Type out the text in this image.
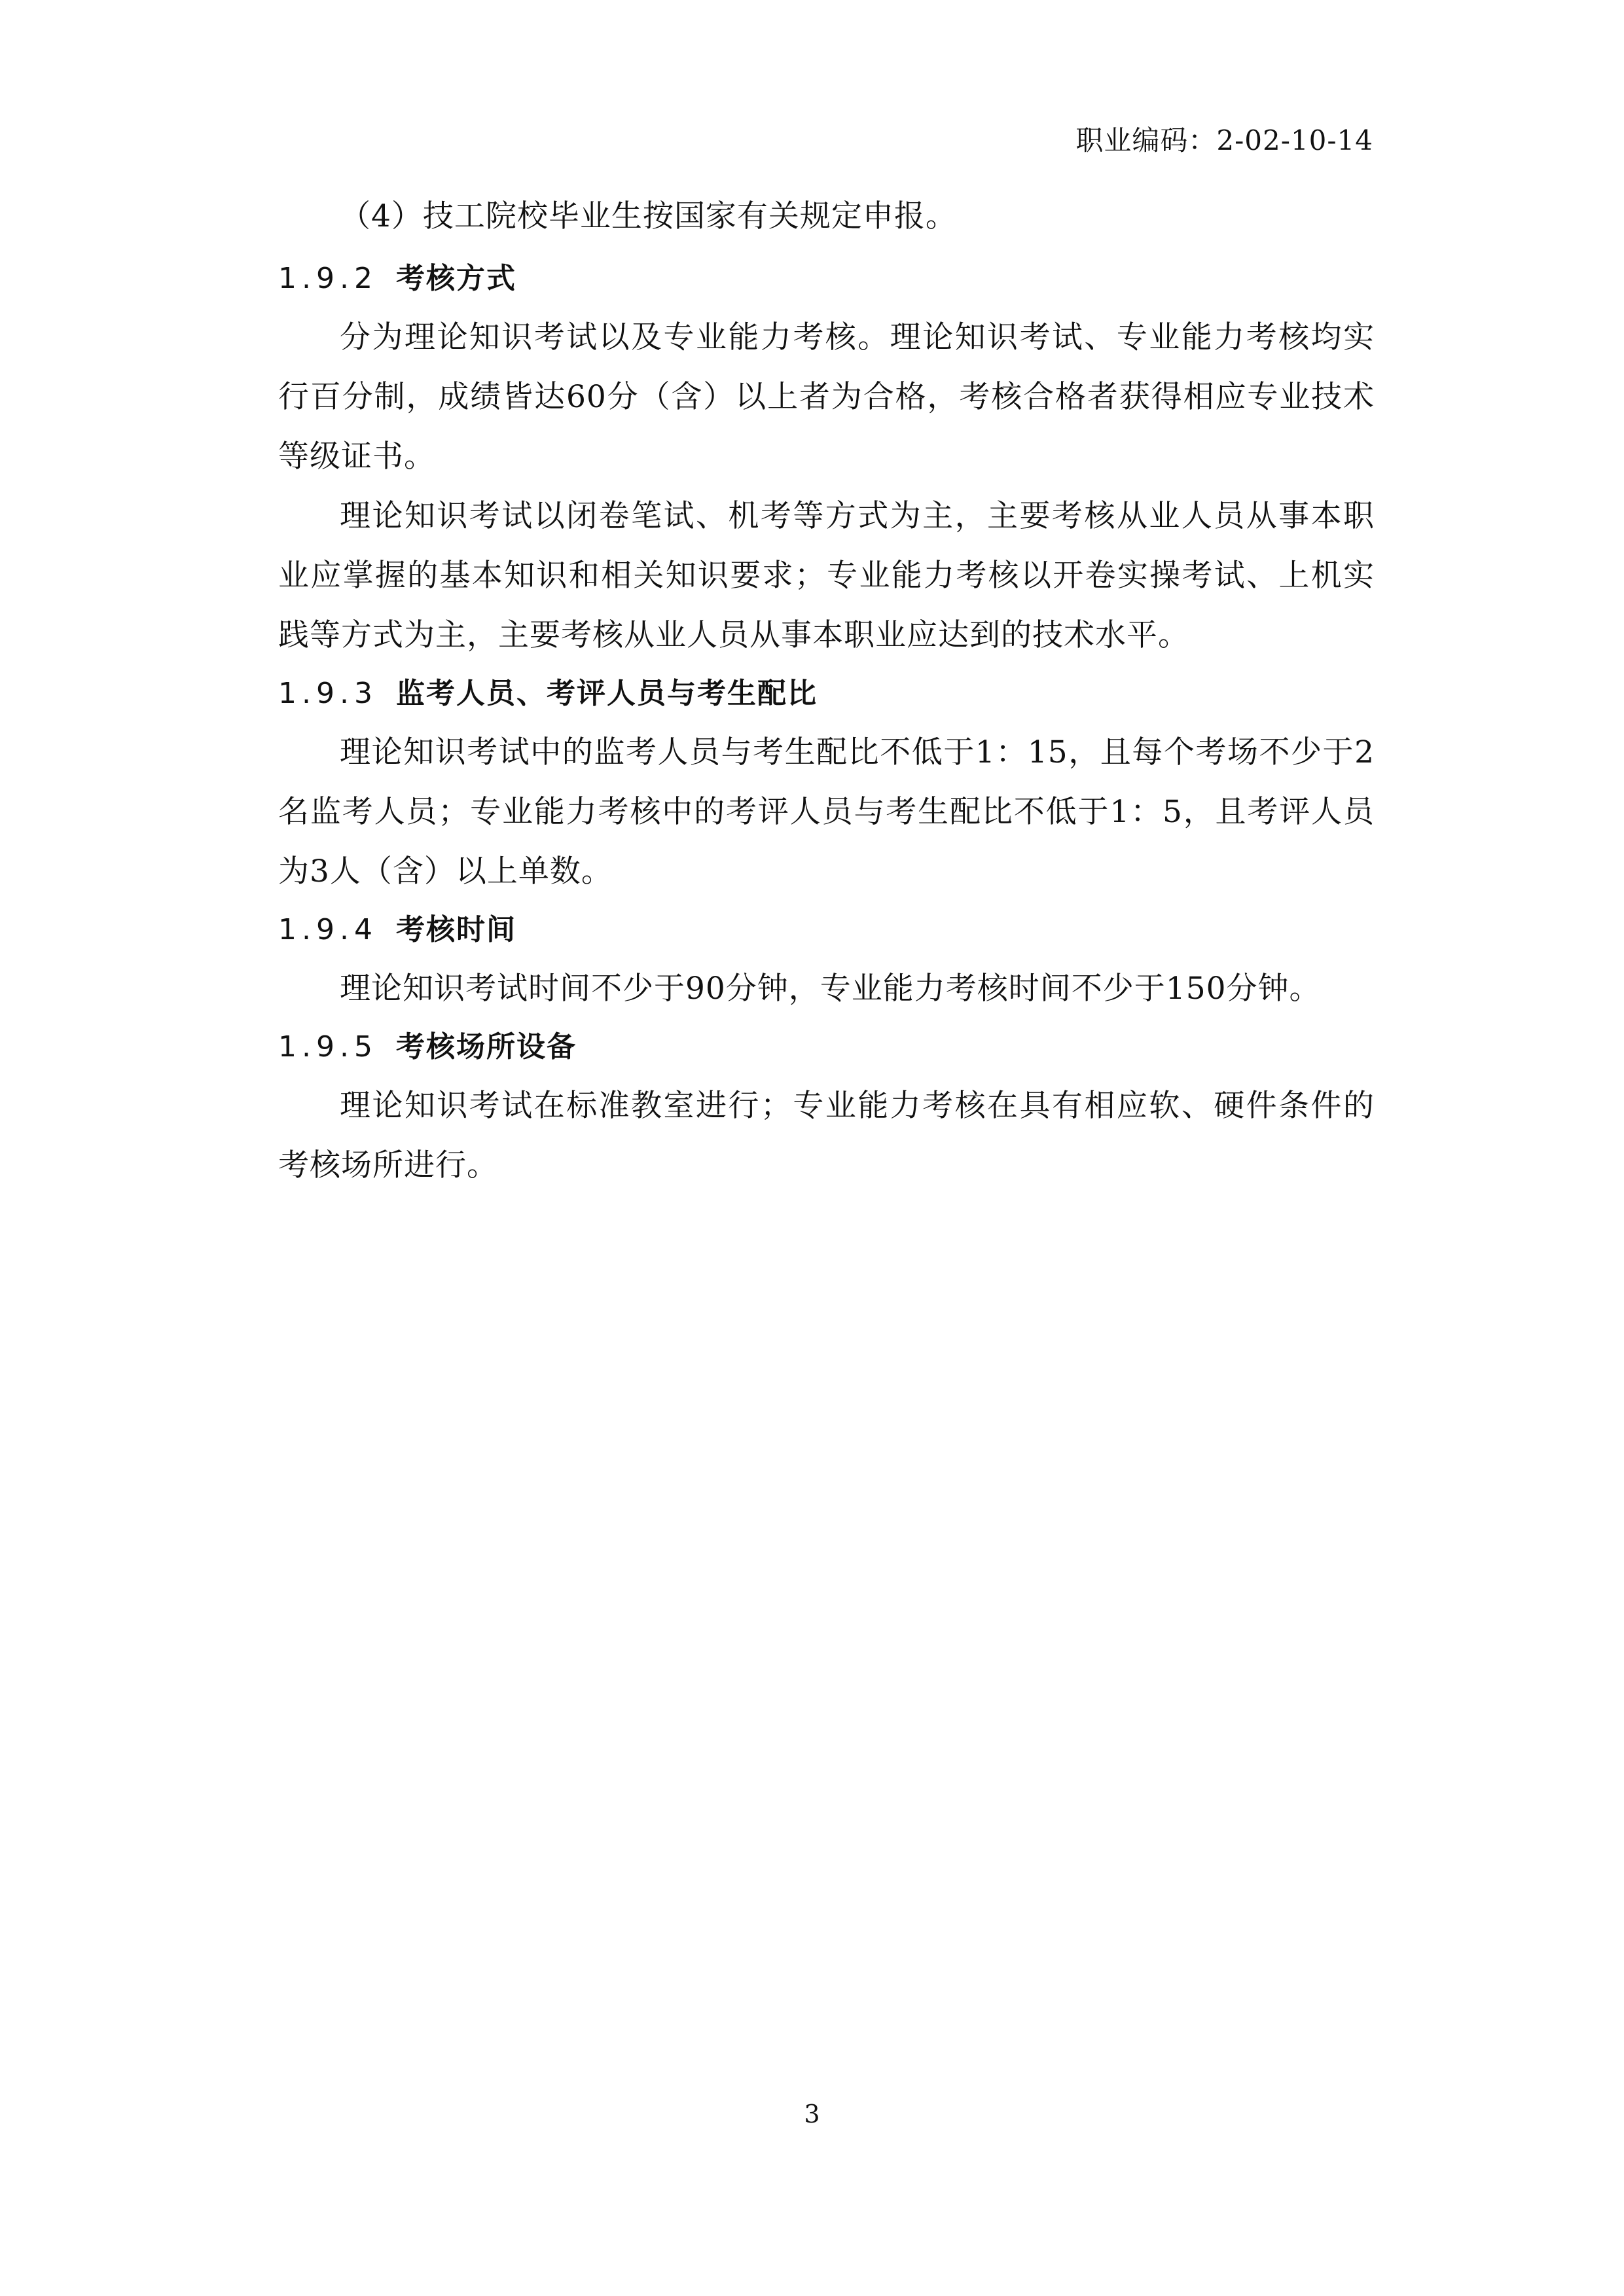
职业编码：2-02-10-14

（4）技工院校毕业生按国家有关规定申报。

1.9.2 考核方式

分为理论知识考试以及专业能力考核。理论知识考试、专业能力考核均实行百分制，成绩皆达60分（含）以上者为合格，考核合格者获得相应专业技术等级证书。

理论知识考试以闭卷笔试、机考等方式为主，主要考核从业人员从事本职业应掌握的基本知识和相关知识要求；专业能力考核以开卷实操考试、上机实践等方式为主，主要考核从业人员从事本职业应达到的技术水平。

1.9.3 监考人员、考评人员与考生配比

理论知识考试中的监考人员与考生配比不低于1：15，且每个考场不少于2名监考人员；专业能力考核中的考评人员与考生配比不低于1：5，且考评人员为3人（含）以上单数。

1.9.4 考核时间

理论知识考试时间不少于90分钟，专业能力考核时间不少于150分钟。

1.9.5 考核场所设备

理论知识考试在标准教室进行；专业能力考核在具有相应软、硬件条件的考核场所进行。

3
